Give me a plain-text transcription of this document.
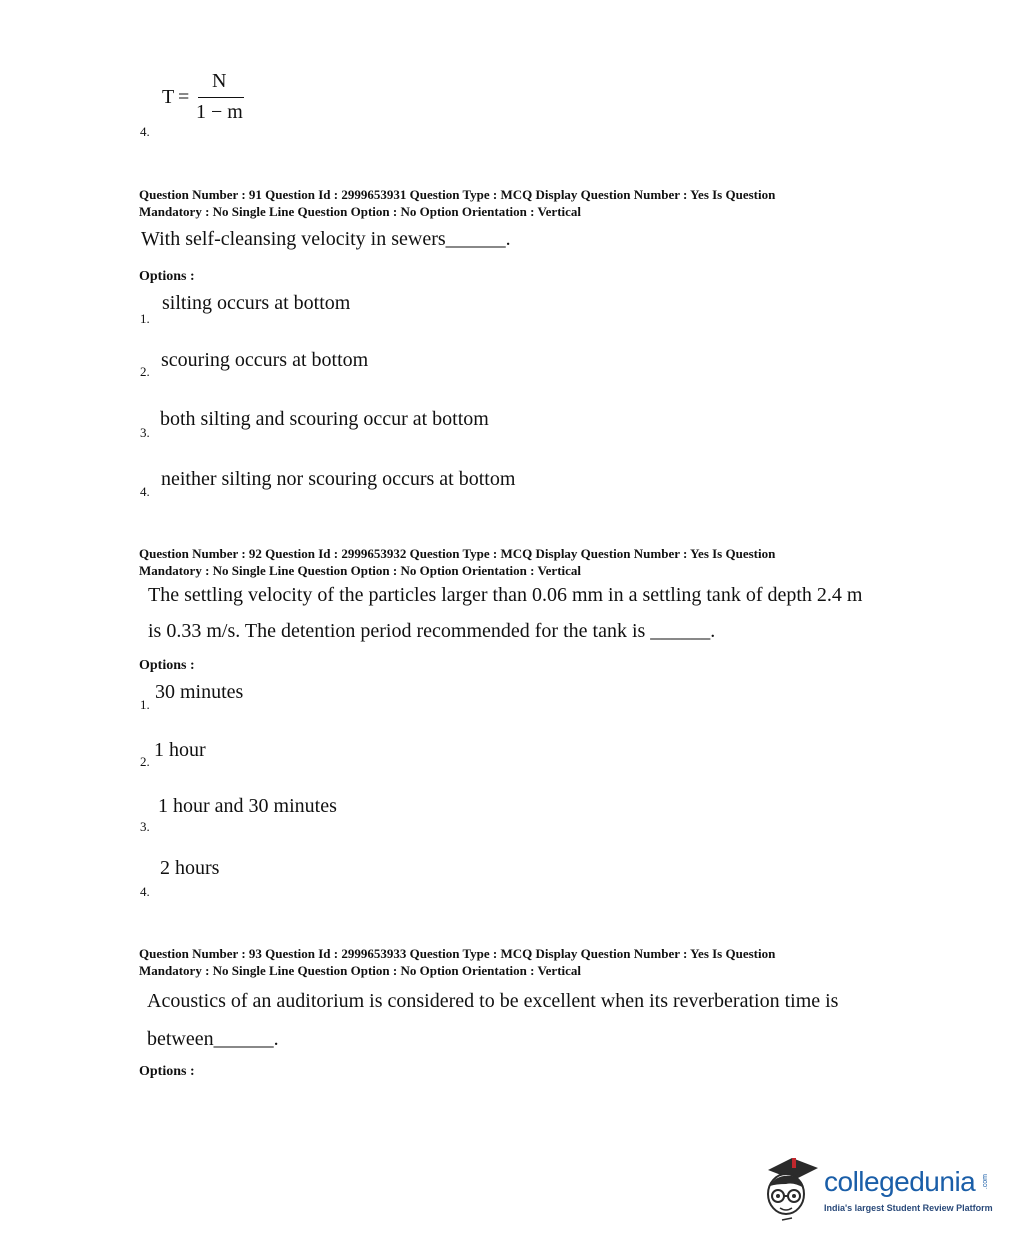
T =
N
1 − m
4.
Question Number : 91 Question Id : 2999653931 Question Type : MCQ Display Question Number : Yes Is Question
Mandatory : No Single Line Question Option : No Option Orientation : Vertical
With self-cleansing velocity in sewers______.
Options :
1.
silting occurs at bottom
2.
scouring occurs at bottom
3.
both silting and scouring occur at bottom
4.
neither silting nor scouring occurs at bottom
Question Number : 92 Question Id : 2999653932 Question Type : MCQ Display Question Number : Yes Is Question
Mandatory : No Single Line Question Option : No Option Orientation : Vertical
The settling velocity of the particles larger than 0.06 mm in a settling tank of depth 2.4 m
is 0.33 m/s. The detention period recommended for the tank is ______.
Options :
1.
30 minutes
2.
1 hour
3.
1 hour and 30 minutes
4.
2 hours
Question Number : 93 Question Id : 2999653933 Question Type : MCQ Display Question Number : Yes Is Question
Mandatory : No Single Line Question Option : No Option Orientation : Vertical
Acoustics of an auditorium is considered to be excellent when its reverberation time is
between______.
Options :
collegedunia .com
India's largest Student Review Platform
